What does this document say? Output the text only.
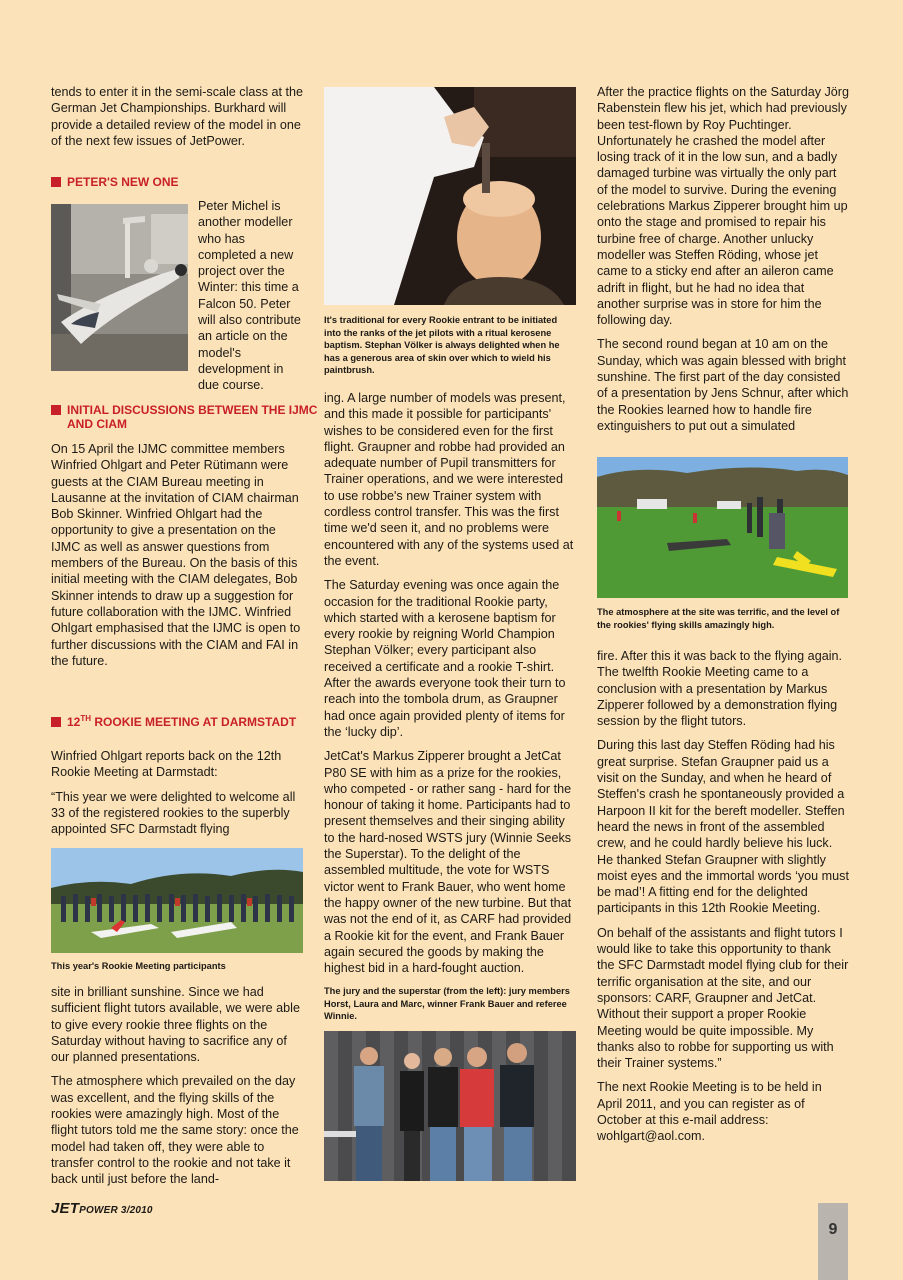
tends to enter it in the semi-scale class at the German Jet Championships. Burkhard will provide a detailed review of the model in one of the next few issues of JetPower.

PETER'S NEW ONE

Peter Michel is another modeller who has completed a new project over the Winter: this time a Falcon 50. Peter will also contribute an article on the model's development in due course.

INITIAL DISCUSSIONS BETWEEN THE IJMC AND CIAM

On 15 April the IJMC committee members Winfried Ohlgart and Peter Rütimann were guests at the CIAM Bureau meeting in Lausanne at the invitation of CIAM chairman Bob Skinner. Winfried Ohlgart had the opportunity to give a presentation on the IJMC as well as answer questions from members of the Bureau. On the basis of this initial meeting with the CIAM delegates, Bob Skinner intends to draw up a suggestion for future collaboration with the IJMC. Winfried Ohlgart emphasised that the IJMC is open to further discussions with the CIAM and FAI in the future.

12TH ROOKIE MEETING AT DARMSTADT

Winfried Ohlgart reports back on the 12th Rookie Meeting at Darmstadt:

“This year we were delighted to welcome all 33 of the registered rookies to the superbly appointed SFC Darmstadt flying

This year's Rookie Meeting participants

site in brilliant sunshine. Since we had sufficient flight tutors available, we were able to give every rookie three flights on the Saturday without having to sacrifice any of our planned presentations.

The atmosphere which prevailed on the day was excellent, and the flying skills of the rookies were amazingly high. Most of the flight tutors told me the same story: once the model had taken off, they were able to transfer control to the rookie and not take it back until just before the land-

It's traditional for every Rookie entrant to be initiated into the ranks of the jet pilots with a ritual kerosene baptism. Stephan Völker is always delighted when he has a generous area of skin over which to wield his paintbrush.

ing. A large number of models was present, and this made it possible for participants' wishes to be considered even for the first flight. Graupner and robbe had provided an adequate number of Pupil transmitters for Trainer operations, and we were interested to use robbe's new Trainer system with cordless control transfer. This was the first time we'd seen it, and no problems were encountered with any of the systems used at the event.

The Saturday evening was once again the occasion for the traditional Rookie party, which started with a kerosene baptism for every rookie by reigning World Champion Stephan Völker; every participant also received a certificate and a rookie T-shirt. After the awards everyone took their turn to reach into the tombola drum, as Graupner had once again provided plenty of items for the ‘lucky dip’.

JetCat's Markus Zipperer brought a JetCat P80 SE with him as a prize for the rookies, who competed - or rather sang - hard for the honour of taking it home. Participants had to present themselves and their singing ability to the hard-nosed WSTS jury (Winnie Seeks the Superstar). To the delight of the assembled multitude, the vote for WSTS victor went to Frank Bauer, who went home the happy owner of the new turbine. But that was not the end of it, as CARF had provided a Rookie kit for the event, and Frank Bauer again secured the goods by making the highest bid in a hard-fought auction.

The jury and the superstar (from the left): jury members Horst, Laura and Marc, winner Frank Bauer and referee Winnie.

After the practice flights on the Saturday Jörg Rabenstein flew his jet, which had previously been test-flown by Roy Puchtinger. Unfortunately he crashed the model after losing track of it in the low sun, and a badly damaged turbine was virtually the only part of the model to survive. During the evening celebrations Markus Zipperer brought him up onto the stage and promised to repair his turbine free of charge. Another unlucky modeller was Steffen Röding, whose jet came to a sticky end after an aileron came adrift in flight, but he had no idea that another surprise was in store for him the following day.

The second round began at 10 am on the Sunday, which was again blessed with bright sunshine. The first part of the day consisted of a presentation by Jens Schnur, after which the Rookies learned how to handle fire extinguishers to put out a simulated

The atmosphere at the site was terrific, and the level of the rookies' flying skills amazingly high.

fire. After this it was back to the flying again. The twelfth Rookie Meeting came to a conclusion with a presentation by Markus Zipperer followed by a demonstration flying session by the flight tutors.

During this last day Steffen Röding had his great surprise. Stefan Graupner paid us a visit on the Sunday, and when he heard of Steffen's crash he spontaneously provided a Harpoon II kit for the bereft modeller. Steffen heard the news in front of the assembled crew, and he could hardly believe his luck. He thanked Stefan Graupner with slightly moist eyes and the immortal words ‘you must be mad’! A fitting end for the delighted participants in this 12th Rookie Meeting.

On behalf of the assistants and flight tutors I would like to take this opportunity to thank the SFC Darmstadt model flying club for their terrific organisation at the site, and our sponsors: CARF, Graupner and JetCat. Without their support a proper Rookie Meeting would be quite impossible. My thanks also to robbe for supporting us with their Trainer systems.”

The next Rookie Meeting is to be held in April 2011, and you can register as of October at this e-mail address: wohlgart@aol.com.

JETPOWER 3/2010
9
